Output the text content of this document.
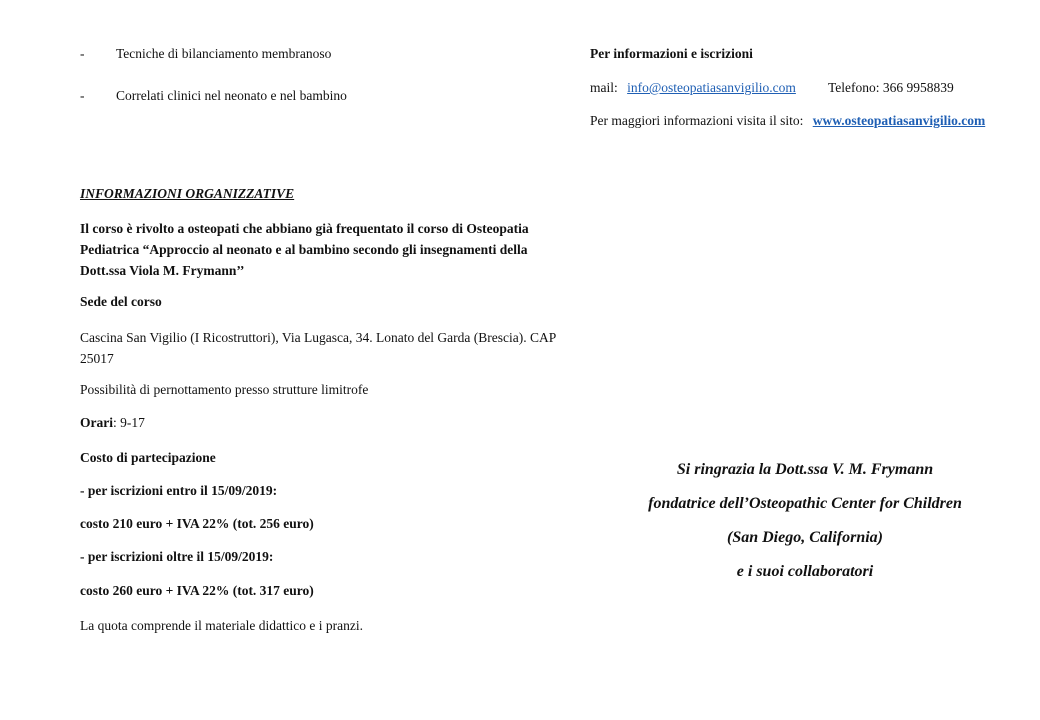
- Tecniche di bilanciamento membranoso
- Correlati clinici nel neonato e nel bambino
INFORMAZIONI ORGANIZZATIVE
Il corso è rivolto a osteopati che abbiano già frequentato il corso di Osteopatia Pediatrica “Approccio al neonato e al bambino secondo gli insegnamenti della Dott.ssa Viola M. Frymann’’
Sede del corso
Cascina San Vigilio (I Ricostruttori), Via Lugasca, 34. Lonato del Garda (Brescia). CAP 25017
Possibilità di pernottamento presso strutture limitrofe
Orari: 9-17
Costo di partecipazione
- per iscrizioni entro il 15/09/2019:
costo 210 euro + IVA 22% (tot. 256 euro)
- per iscrizioni oltre il 15/09/2019:
costo 260 euro + IVA 22% (tot. 317 euro)
La quota comprende il materiale didattico e i pranzi.
Per informazioni e iscrizioni
mail: info@osteopatiasanvigilio.com Telefono: 366 9958839
Per maggiori informazioni visita il sito: www.osteopatiasanvigilio.com
Si ringrazia la Dott.ssa V. M. Frymann
fondatrice dell’Osteopathic Center for Children
(San Diego, California)
e i suoi collaboratori
